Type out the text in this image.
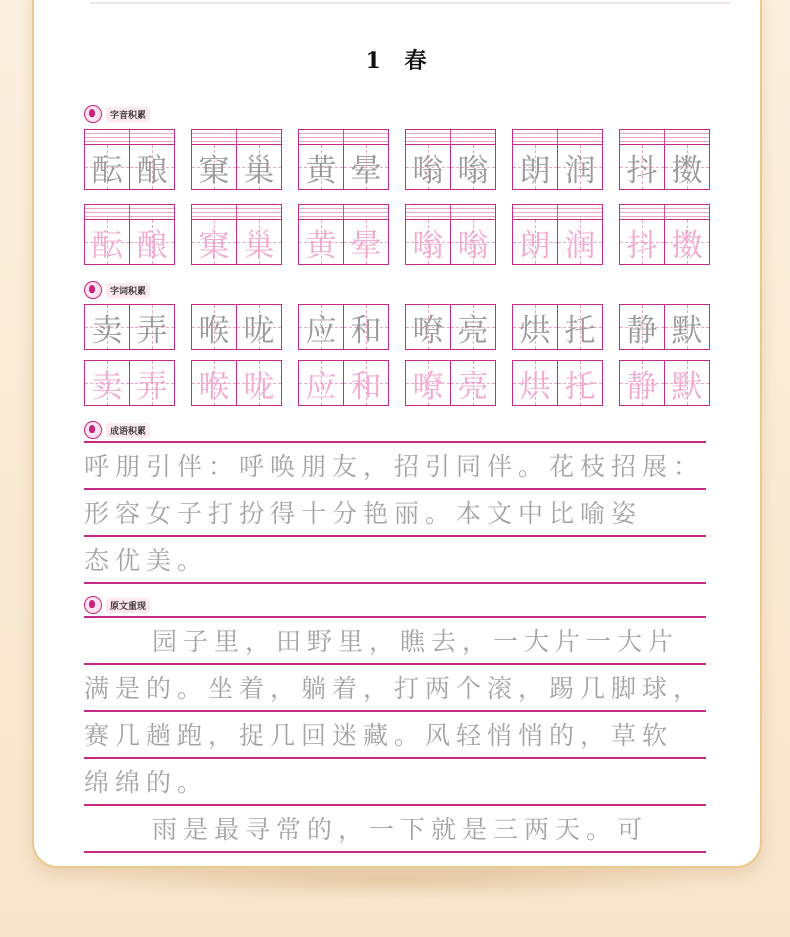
1 春
字音积累
酝 酿 窠 巢 黄 晕 嗡 嗡 朗 润 抖 擞
酝 酿 窠 巢 黄 晕 嗡 嗡 朗 润 抖 擞
字词积累
卖 弄 喉 咙 应 和 嘹 亮 烘 托 静 默
卖 弄 喉 咙 应 和 嘹 亮 烘 托 静 默
成语积累
呼朋引伴：呼唤朋友，招引同伴。花枝招展：
形容女子打扮得十分艳丽。本文中比喻姿
态优美。
原文重现
园子里，田野里，瞧去，一大片一大片
满是的。坐着，躺着，打两个滚，踢几脚球，
赛几趟跑，捉几回迷藏。风轻悄悄的，草软
绵绵的。
雨是最寻常的，一下就是三两天。可
